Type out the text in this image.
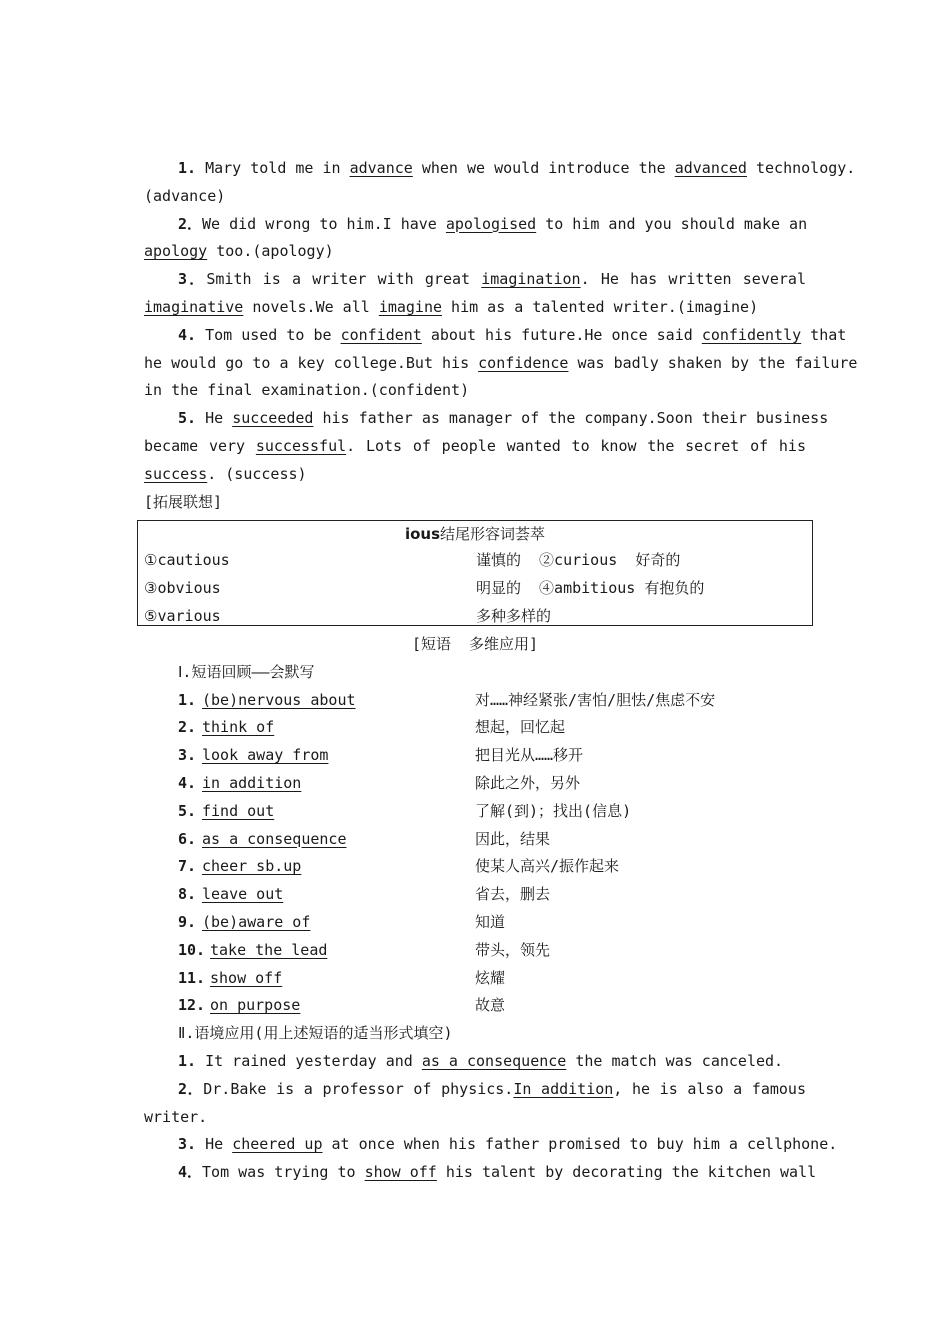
1. Mary told me in advance when we would introduce the advanced technology.
(advance)
2．We did wrong to him.I have apologised to him and you should make an
apology too.(apology)
3．Smith is a writer with great imagination. He has written several
imaginative novels.We all imagine him as a talented writer.(imagine)
4. Tom used to be confident about his future.He once said confidently that
he would go to a key college.But his confidence was badly shaken by the failure
in the final examination.(confident)
5. He succeeded his father as manager of the company.Soon their business
became very successful. Lots of people wanted to know the secret of his
success. (success)
[拓展联想]
ious结尾形容词荟萃
①cautious	谨慎的  ②curious  好奇的
③obvious	明显的  ④ambitious 有抱负的
⑤various	多种多样的
[短语  多维应用]
Ⅰ.短语回顾——会默写
1. (be)nervous about	对……神经紧张/害怕/胆怯/焦虑不安
2. think of	想起，回忆起
3. look away from	把目光从……移开
4. in addition	除此之外，另外
5. find out	了解(到)；找出(信息)
6. as a consequence	因此，结果
7. cheer sb.up	使某人高兴/振作起来
8. leave out	省去，删去
9. (be)aware of	知道
10. take the lead	带头，领先
11. show off	炫耀
12. on purpose	故意
Ⅱ.语境应用(用上述短语的适当形式填空)
1. It rained yesterday and as a consequence the match was canceled.
2．Dr.Bake is a professor of physics.In addition, he is also a famous
writer.
3. He cheered up at once when his father promised to buy him a cellphone.
4．Tom was trying to show off his talent by decorating the kitchen wall
